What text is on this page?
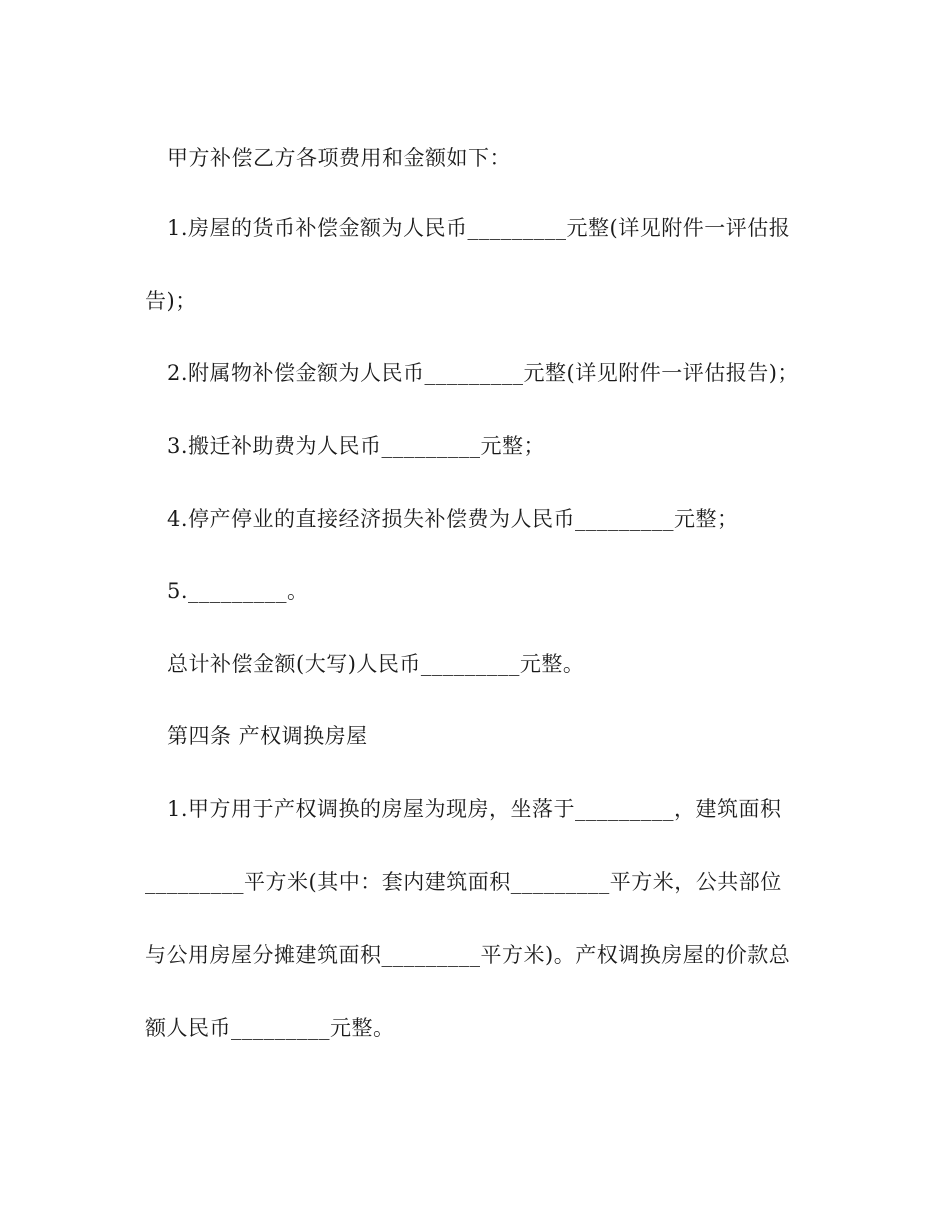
甲方补偿乙方各项费用和金额如下：
1.房屋的货币补偿金额为人民币_________元整(详见附件一评估报
告)；
2.附属物补偿金额为人民币_________元整(详见附件一评估报告)；
3.搬迁补助费为人民币_________元整；
4.停产停业的直接经济损失补偿费为人民币_________元整；
5._________。
总计补偿金额(大写)人民币_________元整。
第四条 产权调换房屋
1.甲方用于产权调换的房屋为现房，坐落于_________，建筑面积
_________平方米(其中：套内建筑面积_________平方米，公共部位
与公用房屋分摊建筑面积_________平方米)。产权调换房屋的价款总
额人民币_________元整。
